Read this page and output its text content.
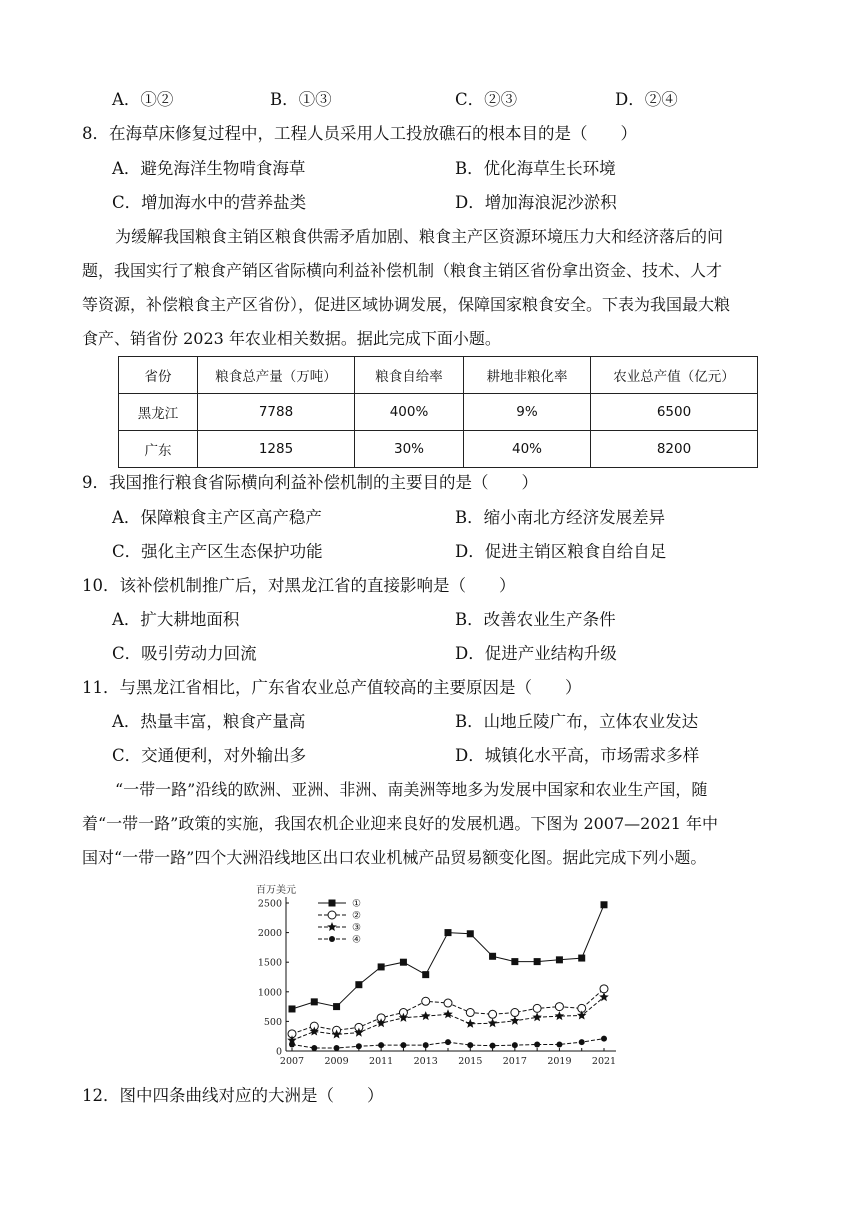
A．①②	B．①③	C．②③	D．②④
8．在海草床修复过程中，工程人员采用人工投放礁石的根本目的是（　　）
A．避免海洋生物啃食海草	B．优化海草生长环境
C．增加海水中的营养盐类	D．增加海浪泥沙淤积
为缓解我国粮食主销区粮食供需矛盾加剧、粮食主产区资源环境压力大和经济落后的问
题，我国实行了粮食产销区省际横向利益补偿机制（粮食主销区省份拿出资金、技术、人才
等资源，补偿粮食主产区省份），促进区域协调发展，保障国家粮食安全。下表为我国最大粮
食产、销省份 2023 年农业相关数据。据此完成下面小题。
省份	粮食总产量（万吨）	粮食自给率	耕地非粮化率	农业总产值（亿元）
黑龙江	7788	400%	9%	6500
广东	1285	30%	40%	8200
9．我国推行粮食省际横向利益补偿机制的主要目的是（　　）
A．保障粮食主产区高产稳产	B．缩小南北方经济发展差异
C．强化主产区生态保护功能	D．促进主销区粮食自给自足
10．该补偿机制推广后，对黑龙江省的直接影响是（　　）
A．扩大耕地面积	B．改善农业生产条件
C．吸引劳动力回流	D．促进产业结构升级
11．与黑龙江省相比，广东省农业总产值较高的主要原因是（　　）
A．热量丰富，粮食产量高	B．山地丘陵广布，立体农业发达
C．交通便利，对外输出多	D．城镇化水平高，市场需求多样
“一带一路”沿线的欧洲、亚洲、非洲、南美洲等地多为发展中国家和农业生产国，随
着“一带一路”政策的实施，我国农机企业迎来良好的发展机遇。下图为 2007—2021 年中
国对“一带一路”四个大洲沿线地区出口农业机械产品贸易额变化图。据此完成下列小题。
百万美元
0
500
1000
1500
2000
2500
2007 2009 2011 2013 2015 2017 2019 2021
①
②
③
④
12．图中四条曲线对应的大洲是（　　）
